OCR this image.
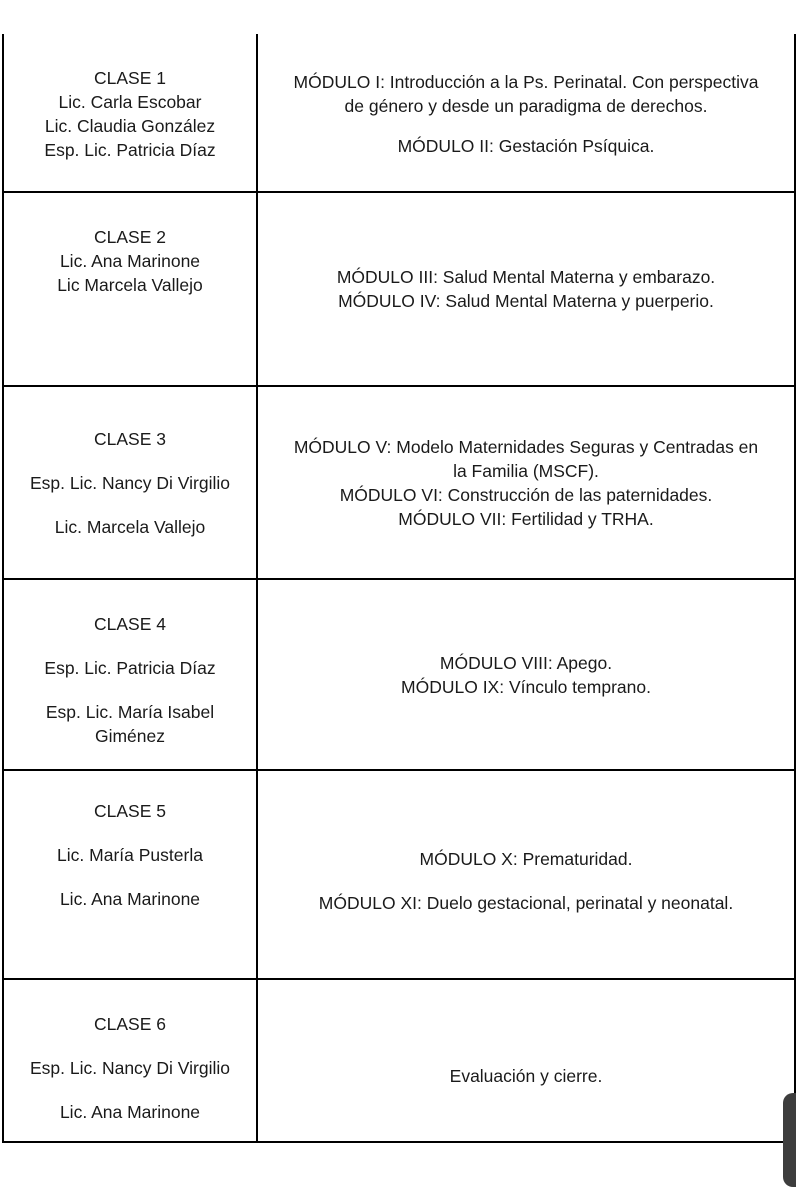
CLASE 1

Lic. Carla Escobar

Lic. Claudia González

Esp. Lic. Patricia Díaz

MÓDULO I: Introducción a la Ps. Perinatal. Con perspectiva

de género y desde un paradigma de derechos.

MÓDULO II: Gestación Psíquica.

CLASE 2

Lic. Ana Marinone

Lic Marcela Vallejo	MÓDULO III: Salud Mental Materna y embarazo.

MÓDULO IV: Salud Mental Materna y puerperio.

CLASE 3

Esp. Lic. Nancy Di Virgilio

Lic. Marcela Vallejo

MÓDULO V: Modelo Maternidades Seguras y Centradas en

la Familia (MSCF).

MÓDULO VI: Construcción de las paternidades.

MÓDULO VII: Fertilidad y TRHA.

CLASE 4

Esp. Lic. Patricia Díaz

Esp. Lic. María Isabel

Giménez

MÓDULO VIII: Apego.

MÓDULO IX: Vínculo temprano.

CLASE 5

Lic. María Pusterla

Lic. Ana Marinone

MÓDULO X: Prematuridad.

MÓDULO XI: Duelo gestacional, perinatal y neonatal.

CLASE 6

Esp. Lic. Nancy Di Virgilio

Lic. Ana Marinone

Evaluación y cierre.
